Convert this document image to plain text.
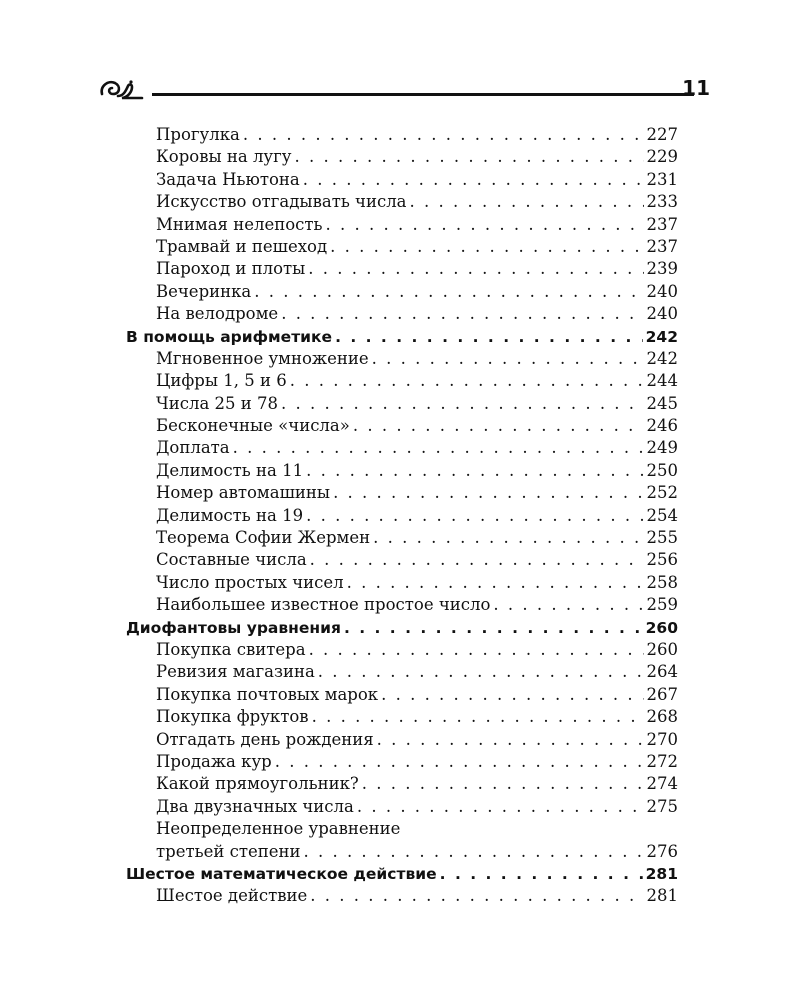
11
Прогулка . . .	227
Коровы на лугу . . .	229
Задача Ньютона . . .	231
Искусство отгадывать числа . . .	233
Мнимая нелепость . . .	237
Трамвай и пешеход . . .	237
Пароход и плоты . . .	239
Вечеринка . . .	240
На велодроме . . .	240
В помощь арифметике . . .	242
Мгновенное умножение . . .	242
Цифры 1, 5 и 6 . . .	244
Числа 25 и 78 . . .	245
Бесконечные «числа» . . .	246
Доплата . . .	249
Делимость на 11 . . .	250
Номер автомашины . . .	252
Делимость на 19 . . .	254
Теорема Софии Жермен . . .	255
Составные числа . . .	256
Число простых чисел . . .	258
Наибольшее известное простое число . . .	259
Диофантовы уравнения . . .	260
Покупка свитера . . .	260
Ревизия магазина . . .	264
Покупка почтовых марок . . .	267
Покупка фруктов . . .	268
Отгадать день рождения . . .	270
Продажа кур . . .	272
Какой прямоугольник? . . .	274
Два двузначных числа . . .	275
Неопределенное уравнение
третьей степени . . .	276
Шестое математическое действие . . .	281
Шестое действие . . .	281
